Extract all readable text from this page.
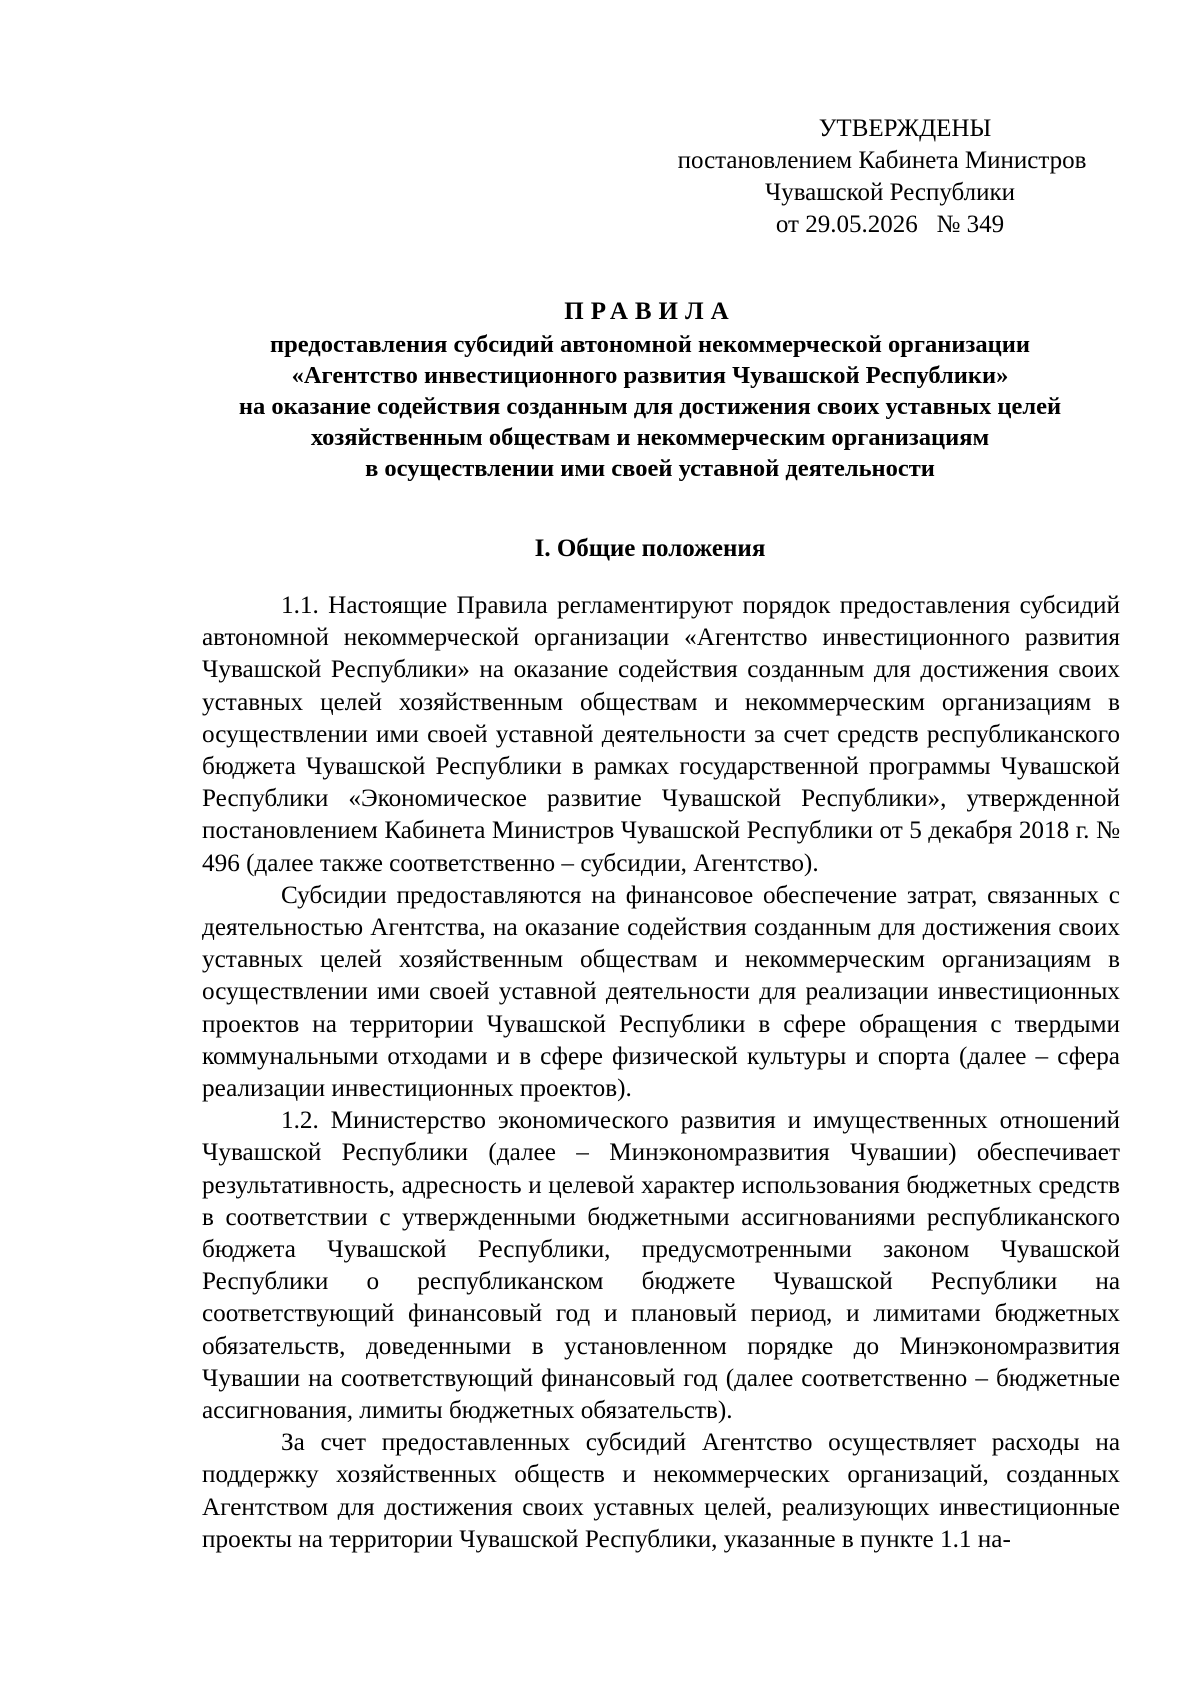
УТВЕРЖДЕНЫ
постановлением Кабинета Министров
Чувашской Республики
от 29.05.2026   № 349
ПРАВИЛА
предоставления субсидий автономной некоммерческой организации
«Агентство инвестиционного развития Чувашской Республики»
на оказание содействия созданным для достижения своих уставных целей
хозяйственным обществам и некоммерческим организациям
в осуществлении ими своей уставной деятельности
I. Общие положения

1.1. Настоящие Правила регламентируют порядок предоставления субсидий автономной некоммерческой организации «Агентство инвестиционного развития Чувашской Республики» на оказание содействия созданным для достижения своих уставных целей хозяйственным обществам и некоммерческим организациям в осуществлении ими своей уставной деятельности за счет средств республиканского бюджета Чувашской Республики в рамках государственной программы Чувашской Республики «Экономическое развитие Чувашской Республики», утвержденной постановлением Кабинета Министров Чувашской Республики от 5 декабря 2018 г. № 496 (далее также соответственно – субсидии, Агентство).

Субсидии предоставляются на финансовое обеспечение затрат, связанных с деятельностью Агентства, на оказание содействия созданным для достижения своих уставных целей хозяйственным обществам и некоммерческим организациям в осуществлении ими своей уставной деятельности для реализации инвестиционных проектов на территории Чувашской Республики в сфере обращения с твердыми коммунальными отходами и в сфере физической культуры и спорта (далее – сфера реализации инвестиционных проектов).

1.2. Министерство экономического развития и имущественных отношений Чувашской Республики (далее – Минэкономразвития Чувашии) обеспечивает результативность, адресность и целевой характер использования бюджетных средств в соответствии с утвержденными бюджетными ассигнованиями республиканского бюджета Чувашской Республики, предусмотренными законом Чувашской Республики о республиканском бюджете Чувашской Республики на соответствующий финансовый год и плановый период, и лимитами бюджетных обязательств, доведенными в установленном порядке до Минэкономразвития Чувашии на соответствующий финансовый год (далее соответственно – бюджетные ассигнования, лимиты бюджетных обязательств).

За счет предоставленных субсидий Агентство осуществляет расходы на поддержку хозяйственных обществ и некоммерческих организаций, созданных Агентством для достижения своих уставных целей, реализующих инвестиционные проекты на территории Чувашской Республики, указанные в пункте 1.1 на-
